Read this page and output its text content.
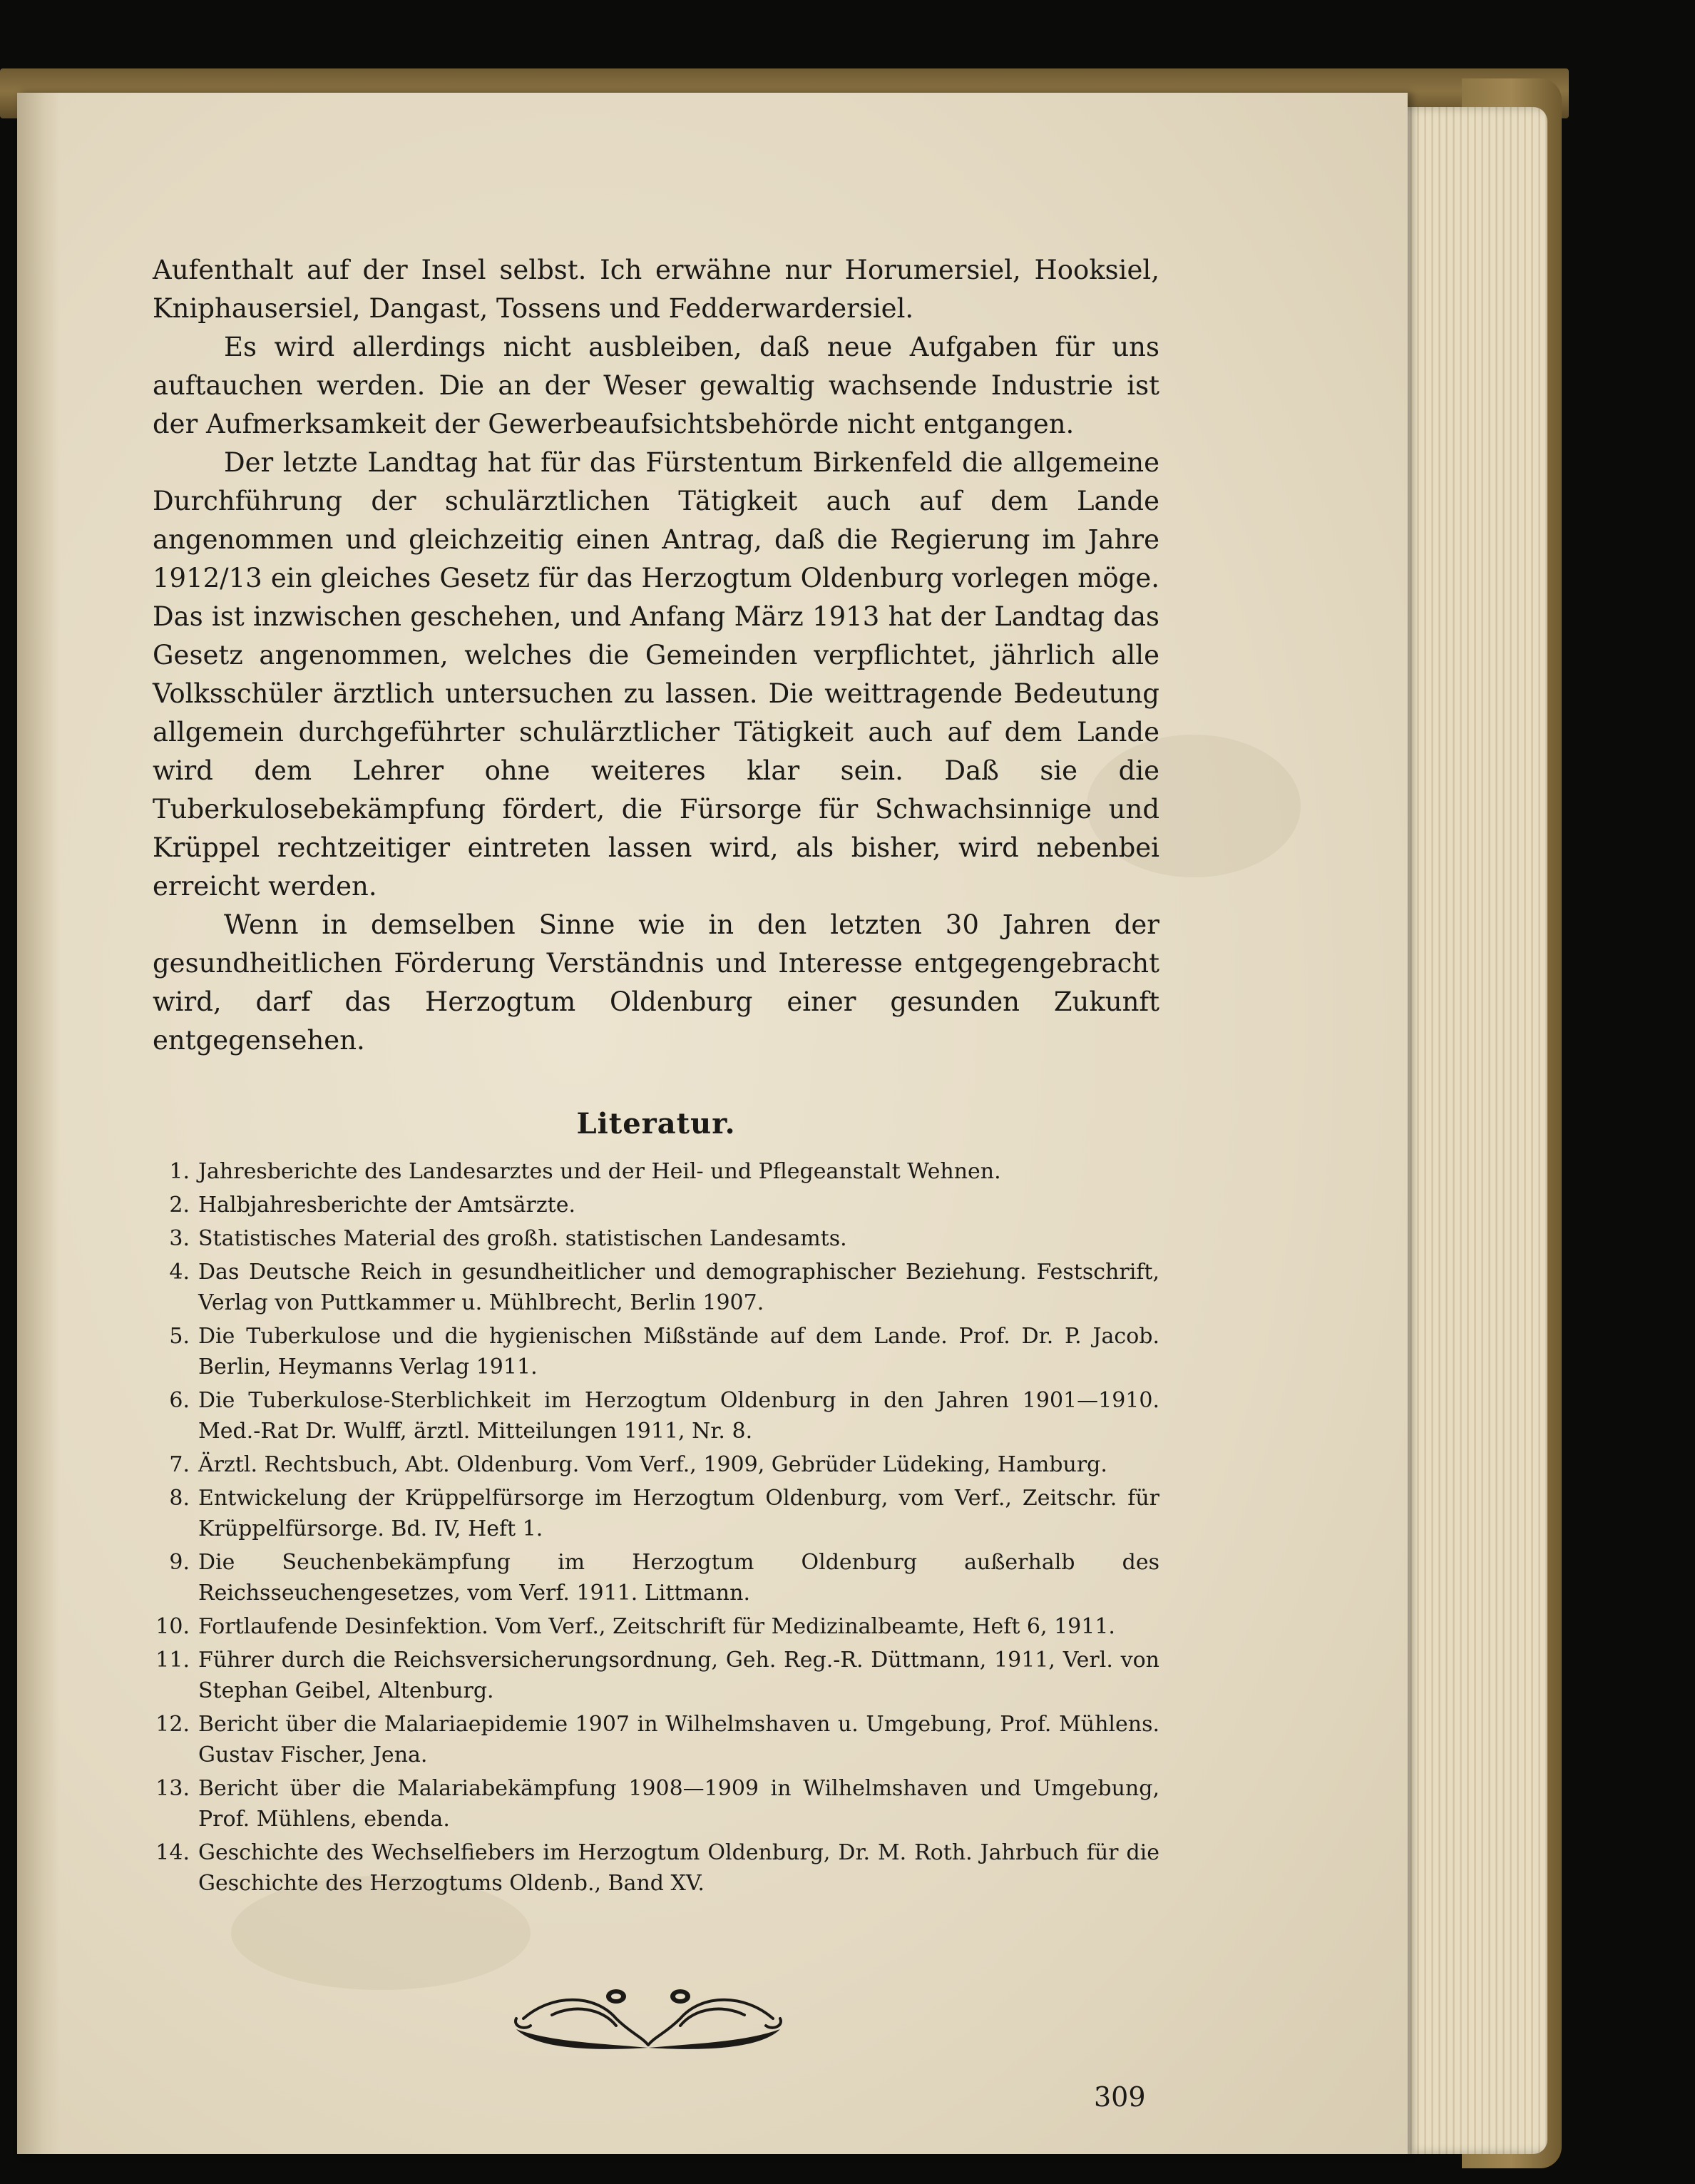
Aufenthalt auf der Insel selbst. Ich erwähne nur Horumersiel, Hooksiel, Kniphausersiel, Dangast, Tossens und Fedderwardersiel.

Es wird allerdings nicht ausbleiben, daß neue Aufgaben für uns auftauchen werden. Die an der Weser gewaltig wachsende Industrie ist der Aufmerksamkeit der Gewerbeaufsichtsbehörde nicht entgangen.

Der letzte Landtag hat für das Fürstentum Birkenfeld die allgemeine Durchführung der schulärztlichen Tätigkeit auch auf dem Lande angenommen und gleichzeitig einen Antrag, daß die Regierung im Jahre 1912/13 ein gleiches Gesetz für das Herzogtum Oldenburg vorlegen möge. Das ist inzwischen geschehen, und Anfang März 1913 hat der Landtag das Gesetz angenommen, welches die Gemeinden verpflichtet, jährlich alle Volksschüler ärztlich untersuchen zu lassen. Die weittragende Bedeutung allgemein durchgeführter schulärztlicher Tätigkeit auch auf dem Lande wird dem Lehrer ohne weiteres klar sein. Daß sie die Tuberkulosebekämpfung fördert, die Fürsorge für Schwachsinnige und Krüppel rechtzeitiger eintreten lassen wird, als bisher, wird nebenbei erreicht werden.

Wenn in demselben Sinne wie in den letzten 30 Jahren der gesundheitlichen Förderung Verständnis und Interesse entgegengebracht wird, darf das Herzogtum Oldenburg einer gesunden Zukunft entgegensehen.

Literatur.
1. Jahresberichte des Landesarztes und der Heil- und Pflegeanstalt Wehnen.
2. Halbjahresberichte der Amtsärzte.
3. Statistisches Material des großh. statistischen Landesamts.
4. Das Deutsche Reich in gesundheitlicher und demographischer Beziehung. Festschrift, Verlag von Puttkammer u. Mühlbrecht, Berlin 1907.
5. Die Tuberkulose und die hygienischen Mißstände auf dem Lande. Prof. Dr. P. Jacob. Berlin, Heymanns Verlag 1911.
6. Die Tuberkulose-Sterblichkeit im Herzogtum Oldenburg in den Jahren 1901—1910. Med.-Rat Dr. Wulff, ärztl. Mitteilungen 1911, Nr. 8.
7. Ärztl. Rechtsbuch, Abt. Oldenburg. Vom Verf., 1909, Gebrüder Lüdeking, Hamburg.
8. Entwickelung der Krüppelfürsorge im Herzogtum Oldenburg, vom Verf., Zeitschr. für Krüppelfürsorge. Bd. IV, Heft 1.
9. Die Seuchenbekämpfung im Herzogtum Oldenburg außerhalb des Reichsseuchengesetzes, vom Verf. 1911. Littmann.
10. Fortlaufende Desinfektion. Vom Verf., Zeitschrift für Medizinalbeamte, Heft 6, 1911.
11. Führer durch die Reichsversicherungsordnung, Geh. Reg.-R. Düttmann, 1911, Verl. von Stephan Geibel, Altenburg.
12. Bericht über die Malariaepidemie 1907 in Wilhelmshaven u. Umgebung, Prof. Mühlens. Gustav Fischer, Jena.
13. Bericht über die Malariabekämpfung 1908—1909 in Wilhelmshaven und Umgebung, Prof. Mühlens, ebenda.
14. Geschichte des Wechselfiebers im Herzogtum Oldenburg, Dr. M. Roth. Jahrbuch für die Geschichte des Herzogtums Oldenb., Band XV.
309
